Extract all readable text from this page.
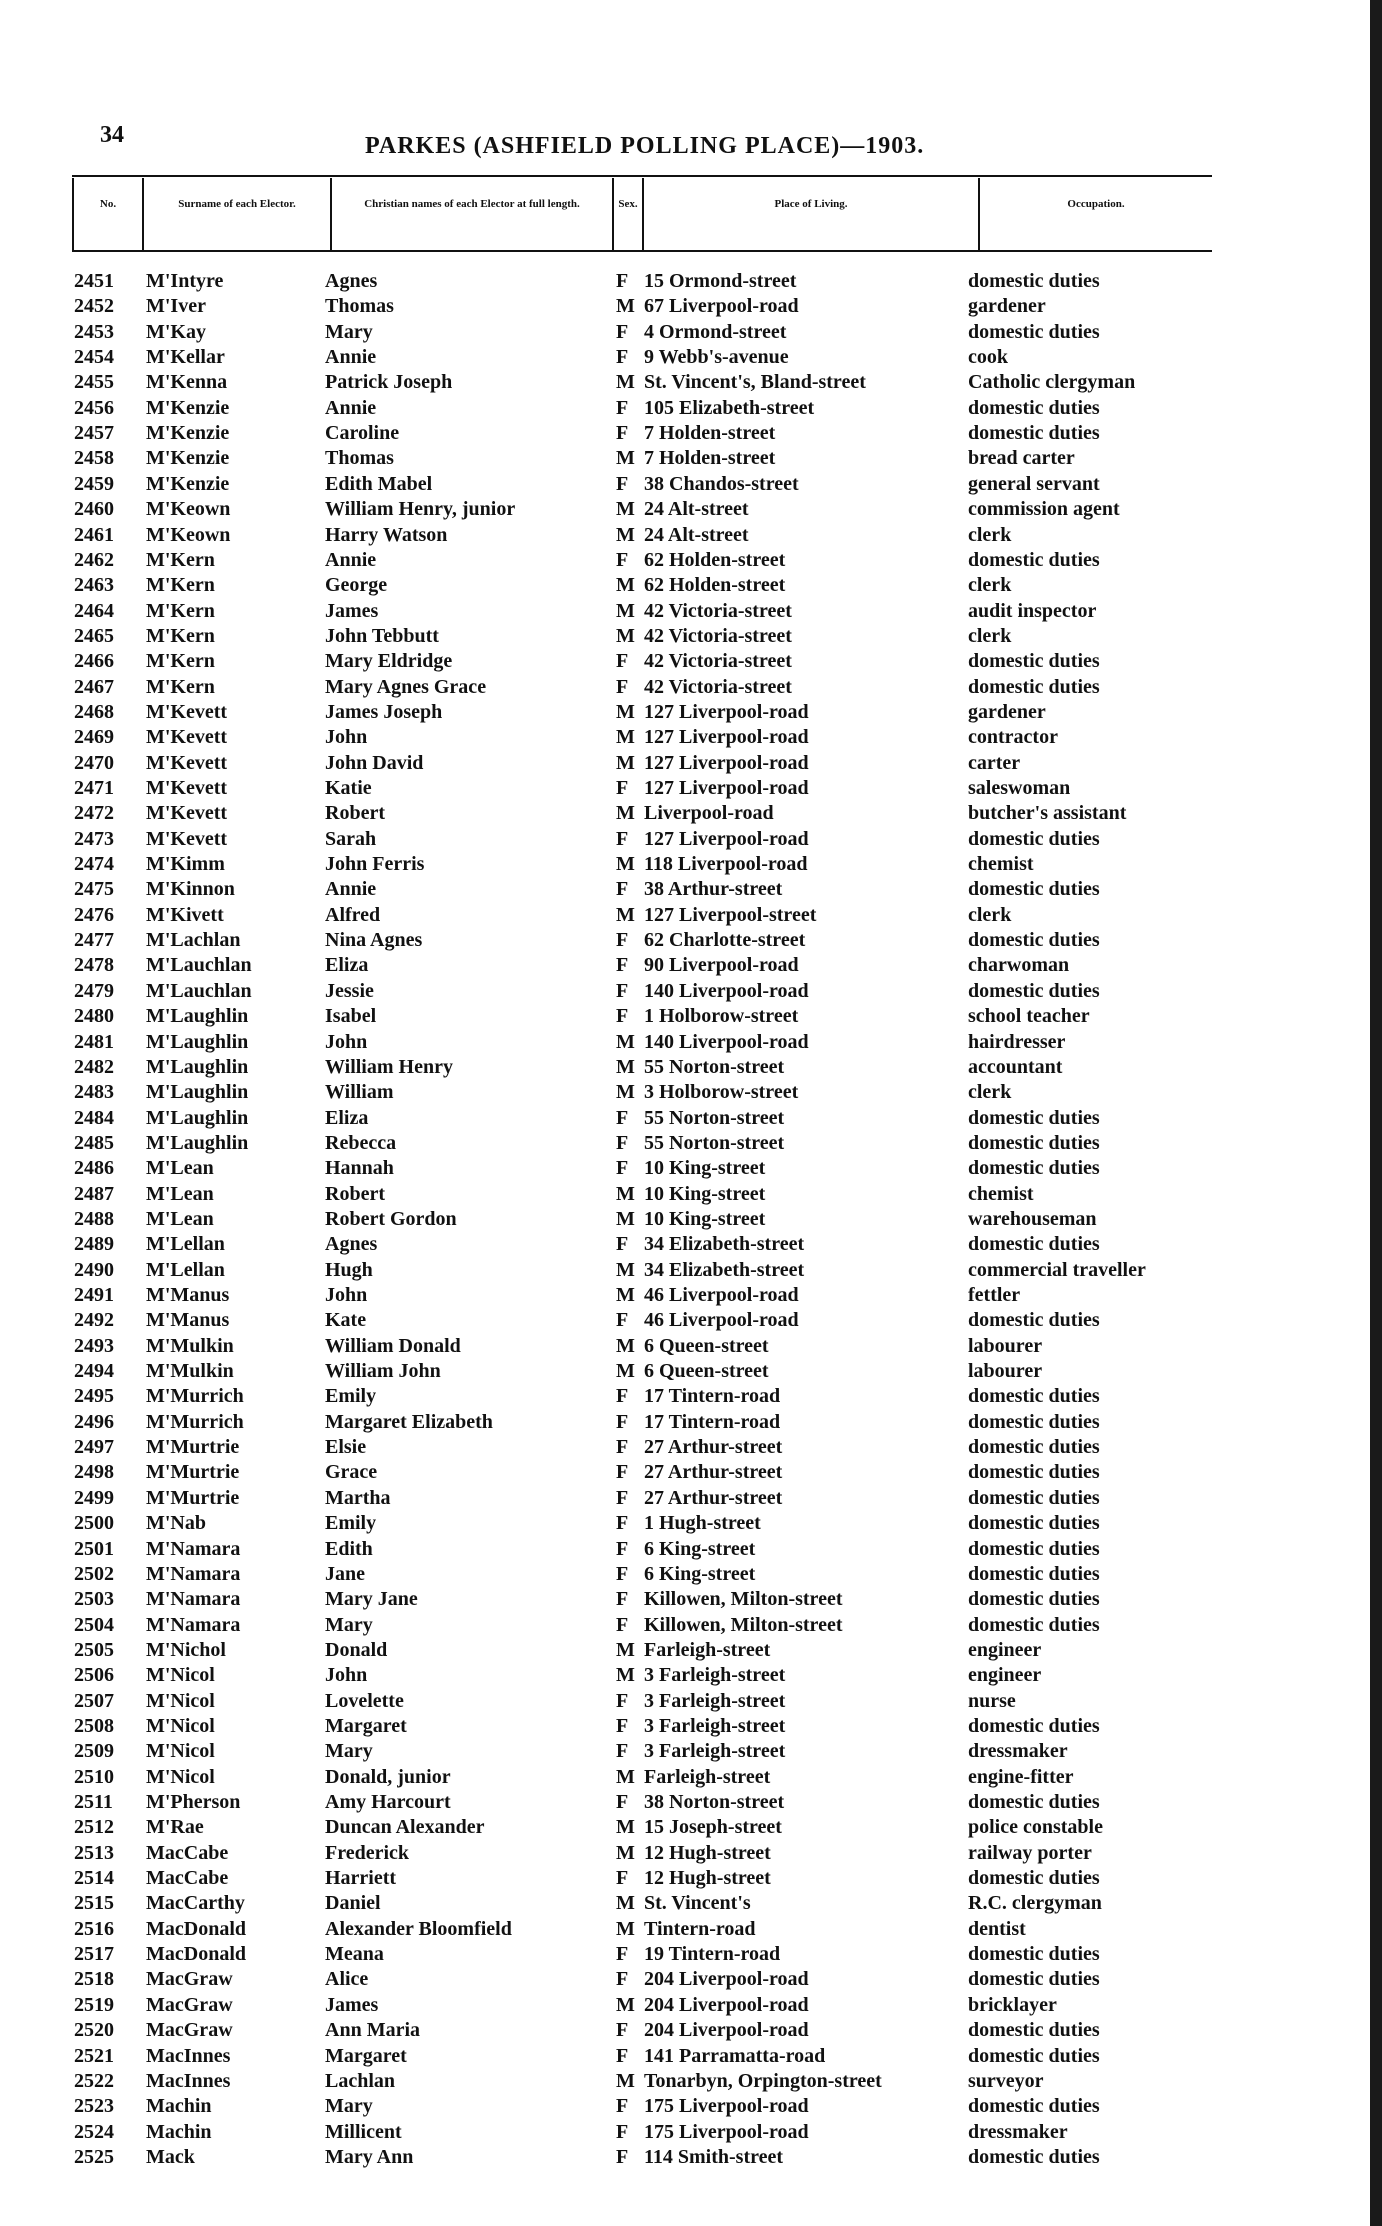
34	PARKES (ASHFIELD POLLING PLACE)—1903.
No.	Surname of each Elector.	Christian names of each Elector at full length.	Sex.	Place of Living.	Occupation.
2451 M'Intyre	Agnes	F 15 Ormond-street	domestic duties
2452 M'Iver	Thomas	M 67 Liverpool-road	gardener
2453 M'Kay	Mary	F 4 Ormond-street	domestic duties
2454 M'Kellar	Annie	F 9 Webb's-avenue	cook
2455 M'Kenna	Patrick Joseph	M St. Vincent's, Bland-street	Catholic clergyman
2456 M'Kenzie	Annie	F 105 Elizabeth-street	domestic duties
2457 M'Kenzie	Caroline	F 7 Holden-street	domestic duties
2458 M'Kenzie	Thomas	M 7 Holden-street	bread carter
2459 M'Kenzie	Edith Mabel	F 38 Chandos-street	general servant
2460 M'Keown	William Henry, junior	M 24 Alt-street	commission agent
2461 M'Keown	Harry Watson	M 24 Alt-street	clerk
2462 M'Kern	Annie	F 62 Holden-street	domestic duties
2463 M'Kern	George	M 62 Holden-street	clerk
2464 M'Kern	James	M 42 Victoria-street	audit inspector
2465 M'Kern	John Tebbutt	M 42 Victoria-street	clerk
2466 M'Kern	Mary Eldridge	F 42 Victoria-street	domestic duties
2467 M'Kern	Mary Agnes Grace	F 42 Victoria-street	domestic duties
2468 M'Kevett	James Joseph	M 127 Liverpool-road	gardener
2469 M'Kevett	John	M 127 Liverpool-road	contractor
2470 M'Kevett	John David	M 127 Liverpool-road	carter
2471 M'Kevett	Katie	F 127 Liverpool-road	saleswoman
2472 M'Kevett	Robert	M Liverpool-road	butcher's assistant
2473 M'Kevett	Sarah	F 127 Liverpool-road	domestic duties
2474 M'Kimm	John Ferris	M 118 Liverpool-road	chemist
2475 M'Kinnon	Annie	F 38 Arthur-street	domestic duties
2476 M'Kivett	Alfred	M 127 Liverpool-street	clerk
2477 M'Lachlan	Nina Agnes	F 62 Charlotte-street	domestic duties
2478 M'Lauchlan	Eliza	F 90 Liverpool-road	charwoman
2479 M'Lauchlan	Jessie	F 140 Liverpool-road	domestic duties
2480 M'Laughlin	Isabel	F 1 Holborow-street	school teacher
2481 M'Laughlin	John	M 140 Liverpool-road	hairdresser
2482 M'Laughlin	William Henry	M 55 Norton-street	accountant
2483 M'Laughlin	William	M 3 Holborow-street	clerk
2484 M'Laughlin	Eliza	F 55 Norton-street	domestic duties
2485 M'Laughlin	Rebecca	F 55 Norton-street	domestic duties
2486 M'Lean	Hannah	F 10 King-street	domestic duties
2487 M'Lean	Robert	M 10 King-street	chemist
2488 M'Lean	Robert Gordon	M 10 King-street	warehouseman
2489 M'Lellan	Agnes	F 34 Elizabeth-street	domestic duties
2490 M'Lellan	Hugh	M 34 Elizabeth-street	commercial traveller
2491 M'Manus	John	M 46 Liverpool-road	fettler
2492 M'Manus	Kate	F 46 Liverpool-road	domestic duties
2493 M'Mulkin	William Donald	M 6 Queen-street	labourer
2494 M'Mulkin	William John	M 6 Queen-street	labourer
2495 M'Murrich	Emily	F 17 Tintern-road	domestic duties
2496 M'Murrich	Margaret Elizabeth	F 17 Tintern-road	domestic duties
2497 M'Murtrie	Elsie	F 27 Arthur-street	domestic duties
2498 M'Murtrie	Grace	F 27 Arthur-street	domestic duties
2499 M'Murtrie	Martha	F 27 Arthur-street	domestic duties
2500 M'Nab	Emily	F 1 Hugh-street	domestic duties
2501 M'Namara	Edith	F 6 King-street	domestic duties
2502 M'Namara	Jane	F 6 King-street	domestic duties
2503 M'Namara	Mary Jane	F Killowen, Milton-street	domestic duties
2504 M'Namara	Mary	F Killowen, Milton-street	domestic duties
2505 M'Nichol	Donald	M Farleigh-street	engineer
2506 M'Nicol	John	M 3 Farleigh-street	engineer
2507 M'Nicol	Lovelette	F 3 Farleigh-street	nurse
2508 M'Nicol	Margaret	F 3 Farleigh-street	domestic duties
2509 M'Nicol	Mary	F 3 Farleigh-street	dressmaker
2510 M'Nicol	Donald, junior	M Farleigh-street	engine-fitter
2511 M'Pherson	Amy Harcourt	F 38 Norton-street	domestic duties
2512 M'Rae	Duncan Alexander	M 15 Joseph-street	police constable
2513 MacCabe	Frederick	M 12 Hugh-street	railway porter
2514 MacCabe	Harriett	F 12 Hugh-street	domestic duties
2515 MacCarthy	Daniel	M St. Vincent's	R.C. clergyman
2516 MacDonald	Alexander Bloomfield	M Tintern-road	dentist
2517 MacDonald	Meana	F 19 Tintern-road	domestic duties
2518 MacGraw	Alice	F 204 Liverpool-road	domestic duties
2519 MacGraw	James	M 204 Liverpool-road	bricklayer
2520 MacGraw	Ann Maria	F 204 Liverpool-road	domestic duties
2521 MacInnes	Margaret	F 141 Parramatta-road	domestic duties
2522 MacInnes	Lachlan	M Tonarbyn, Orpington-street	surveyor
2523 Machin	Mary	F 175 Liverpool-road	domestic duties
2524 Machin	Millicent	F 175 Liverpool-road	dressmaker
2525 Mack	Mary Ann	F 114 Smith-street	domestic duties
